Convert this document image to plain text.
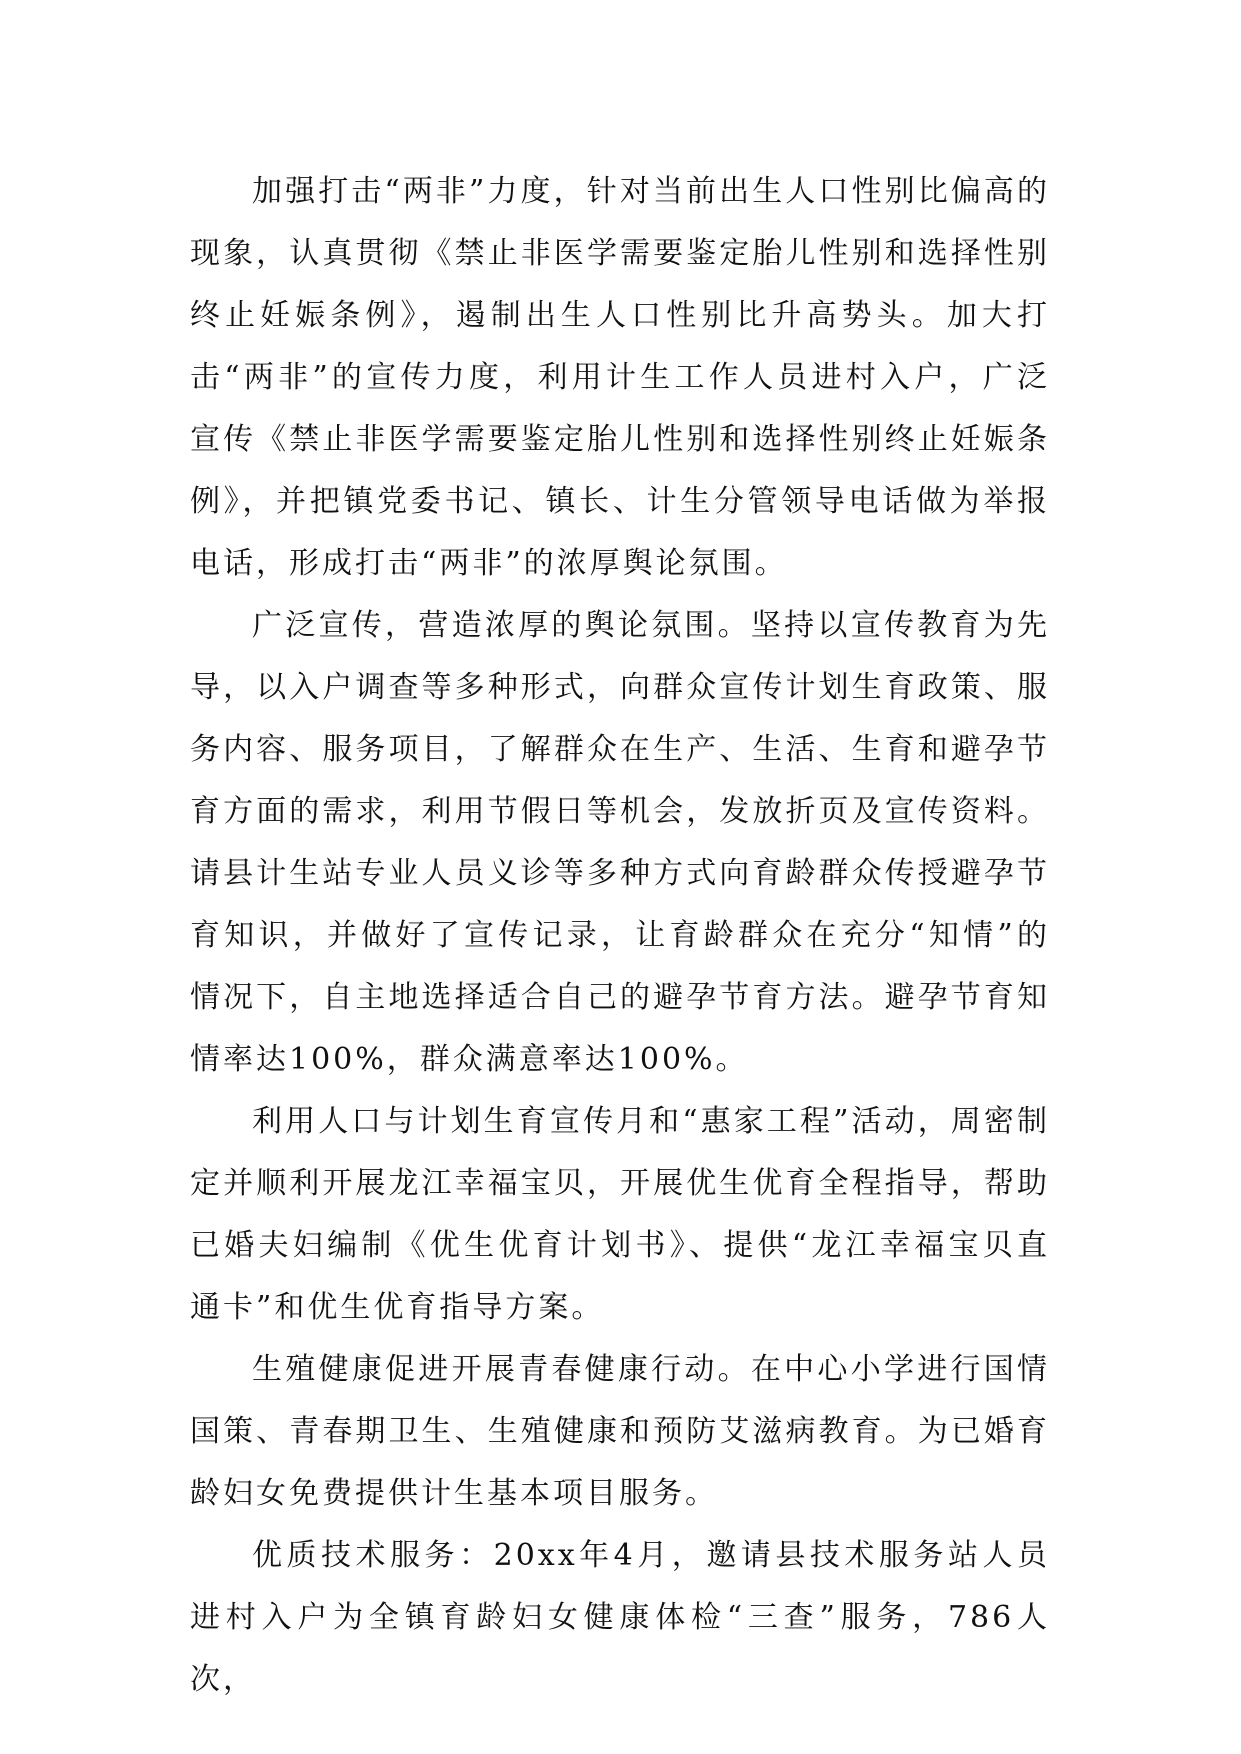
加强打击“两非”力度，针对当前出生人口性别比偏高的现象，认真贯彻《禁止非医学需要鉴定胎儿性别和选择性别终止妊娠条例》，遏制出生人口性别比升高势头。加大打击“两非”的宣传力度，利用计生工作人员进村入户，广泛宣传《禁止非医学需要鉴定胎儿性别和选择性别终止妊娠条例》，并把镇党委书记、镇长、计生分管领导电话做为举报电话，形成打击“两非”的浓厚舆论氛围。

广泛宣传，营造浓厚的舆论氛围。坚持以宣传教育为先导，以入户调查等多种形式，向群众宣传计划生育政策、服务内容、服务项目，了解群众在生产、生活、生育和避孕节育方面的需求，利用节假日等机会，发放折页及宣传资料。请县计生站专业人员义诊等多种方式向育龄群众传授避孕节育知识，并做好了宣传记录，让育龄群众在充分“知情”的情况下，自主地选择适合自己的避孕节育方法。避孕节育知情率达100%，群众满意率达100%。

利用人口与计划生育宣传月和“惠家工程”活动，周密制定并顺利开展龙江幸福宝贝，开展优生优育全程指导，帮助已婚夫妇编制《优生优育计划书》、提供“龙江幸福宝贝直通卡”和优生优育指导方案。

生殖健康促进开展青春健康行动。在中心小学进行国情国策、青春期卫生、生殖健康和预防艾滋病教育。为已婚育龄妇女免费提供计生基本项目服务。

优质技术服务：20xx年4月，邀请县技术服务站人员进村入户为全镇育龄妇女健康体检“三查”服务，786人次，
